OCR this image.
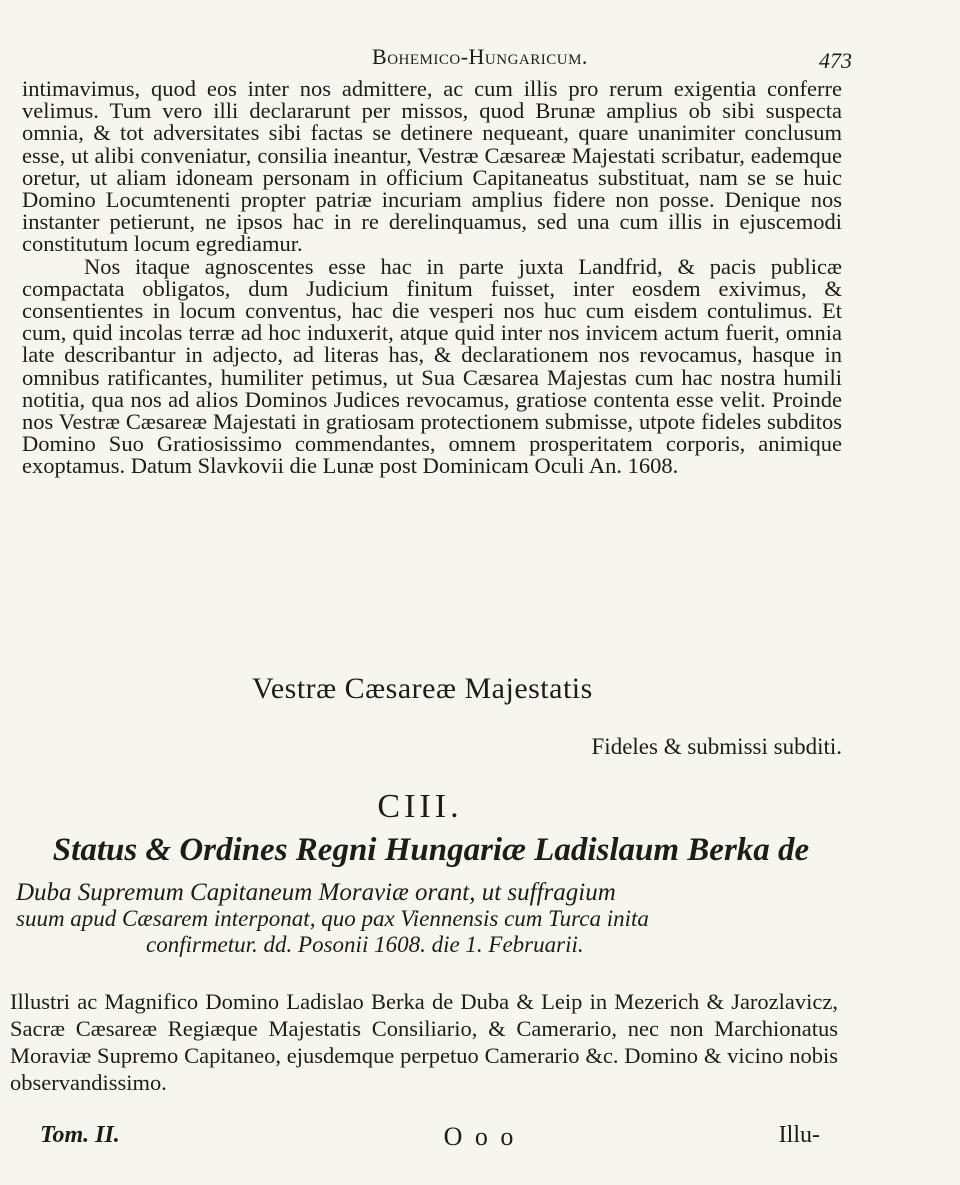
Bohemico-Hungaricum.	473

intimavimus, quod eos inter nos admittere, ac cum illis pro rerum exigentia conferre velimus. Tum vero illi declararunt per missos, quod Brunæ amplius ob sibi suspecta omnia, & tot adversitates sibi factas se detinere nequeant, quare unanimiter conclusum esse, ut alibi conveniatur, consilia ineantur, Vestræ Cæsareæ Majestati scribatur, eademque oretur, ut aliam idoneam personam in officium Capitaneatus substituat, nam se se huic Domino Locumtenenti propter patriæ incuriam amplius fidere non posse. Denique nos instanter petierunt, ne ipsos hac in re derelinquamus, sed una cum illis in ejuscemodi constitutum locum egrediamur.

Nos itaque agnoscentes esse hac in parte juxta Landfrid, & pacis publicæ compactata obligatos, dum Judicium finitum fuisset, inter eosdem exivimus, & consentientes in locum conventus, hac die vesperi nos huc cum eisdem contulimus. Et cum, quid incolas terræ ad hoc induxerit, atque quid inter nos invicem actum fuerit, omnia late describantur in adjecto, ad literas has, & declarationem nos revocamus, hasque in omnibus ratificantes, humiliter petimus, ut Sua Cæsarea Majestas cum hac nostra humili notitia, qua nos ad alios Dominos Judices revocamus, gratiose contenta esse velit. Proinde nos Vestræ Cæsareæ Majestati in gratiosam protectionem submisse, utpote fideles subditos Domino Suo Gratiosissimo commendantes, omnem prosperitatem corporis, animique exoptamus. Datum Slavkovii die Lunæ post Dominicam Oculi An. 1608.

Vestræ Cæsareæ Majestatis
Fideles & submissi subditi.
CIII.
Status & Ordines Regni Hungariæ Ladislaum Berka de

Duba Supremum Capitaneum Moraviæ orant, ut suffragium

suum apud Cæsarem interponat, quo pax Viennensis cum Turca inita

confirmetur. dd. Posonii 1608. die 1. Februarii.

Illustri ac Magnifico Domino Ladislao Berka de Duba & Leip in Mezerich & Jarozlavicz, Sacræ Cæsareæ Regiæque Majestatis Consiliario, & Camerario, nec non Marchionatus Moraviæ Supremo Capitaneo, ejusdemque perpetuo Camerario &c. Domino & vicino nobis observandissimo.

Tom. II.	O o o	Illu-
